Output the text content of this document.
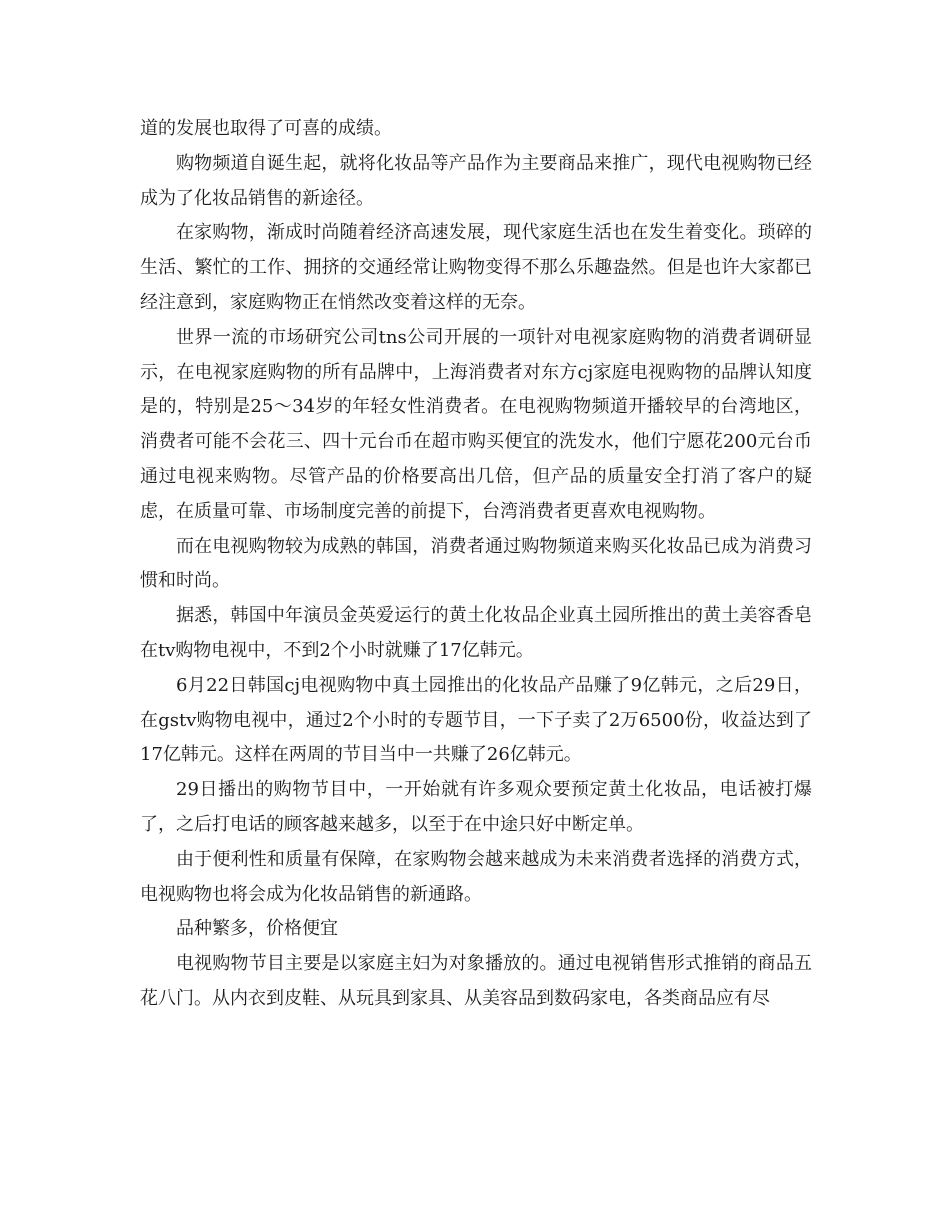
道的发展也取得了可喜的成绩。

购物频道自诞生起，就将化妆品等产品作为主要商品来推广，现代电视购物已经成为了化妆品销售的新途径。

在家购物，渐成时尚随着经济高速发展，现代家庭生活也在发生着变化。琐碎的生活、繁忙的工作、拥挤的交通经常让购物变得不那么乐趣盎然。但是也许大家都已经注意到，家庭购物正在悄然改变着这样的无奈。

世界一流的市场研究公司tns公司开展的一项针对电视家庭购物的消费者调研显示，在电视家庭购物的所有品牌中，上海消费者对东方cj家庭电视购物的品牌认知度是的，特别是25～34岁的年轻女性消费者。在电视购物频道开播较早的台湾地区，消费者可能不会花三、四十元台币在超市购买便宜的洗发水，他们宁愿花200元台币通过电视来购物。尽管产品的价格要高出几倍，但产品的质量安全打消了客户的疑虑，在质量可靠、市场制度完善的前提下，台湾消费者更喜欢电视购物。

而在电视购物较为成熟的韩国，消费者通过购物频道来购买化妆品已成为消费习惯和时尚。

据悉，韩国中年演员金英爱运行的黄土化妆品企业真土园所推出的黄土美容香皂在tv购物电视中，不到2个小时就赚了17亿韩元。

6月22日韩国cj电视购物中真土园推出的化妆品产品赚了9亿韩元，之后29日，在gstv购物电视中，通过2个小时的专题节目，一下子卖了2万6500份，收益达到了17亿韩元。这样在两周的节目当中一共赚了26亿韩元。

29日播出的购物节目中，一开始就有许多观众要预定黄土化妆品，电话被打爆了，之后打电话的顾客越来越多，以至于在中途只好中断定单。

由于便利性和质量有保障，在家购物会越来越成为未来消费者选择的消费方式，电视购物也将会成为化妆品销售的新通路。

品种繁多，价格便宜

电视购物节目主要是以家庭主妇为对象播放的。通过电视销售形式推销的商品五花八门。从内衣到皮鞋、从玩具到家具、从美容品到数码家电，各类商品应有尽
